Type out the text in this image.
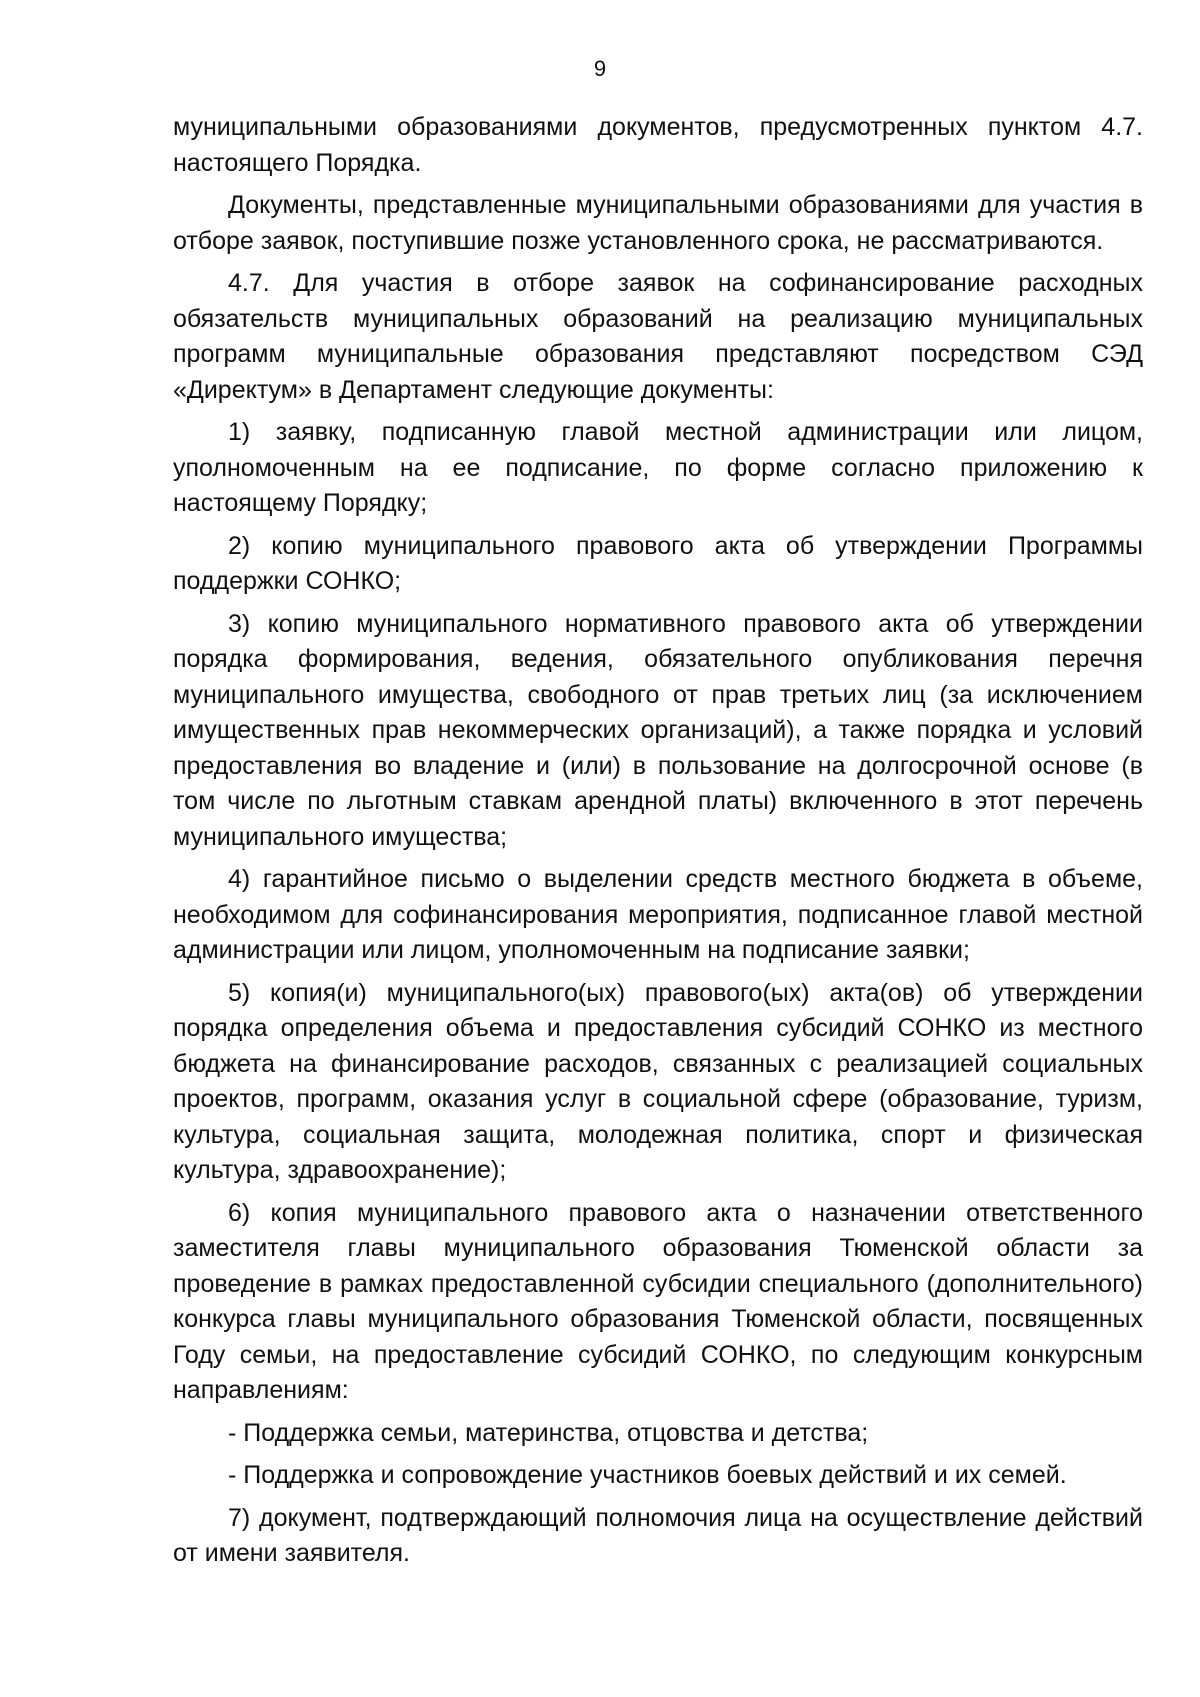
9

муниципальными образованиями документов, предусмотренных пунктом 4.7. настоящего Порядка.

Документы, представленные муниципальными образованиями для участия в отборе заявок, поступившие позже установленного срока, не рассматриваются.

4.7. Для участия в отборе заявок на софинансирование расходных обязательств муниципальных образований на реализацию муниципальных программ муниципальные образования представляют посредством СЭД «Директум» в Департамент следующие документы:

1) заявку, подписанную главой местной администрации или лицом, уполномоченным на ее подписание, по форме согласно приложению к настоящему Порядку;

2) копию муниципального правового акта об утверждении Программы поддержки СОНКО;

3) копию муниципального нормативного правового акта об утверждении порядка формирования, ведения, обязательного опубликования перечня муниципального имущества, свободного от прав третьих лиц (за исключением имущественных прав некоммерческих организаций), а также порядка и условий предоставления во владение и (или) в пользование на долгосрочной основе (в том числе по льготным ставкам арендной платы) включенного в этот перечень муниципального имущества;

4) гарантийное письмо о выделении средств местного бюджета в объеме, необходимом для софинансирования мероприятия, подписанное главой местной администрации или лицом, уполномоченным на подписание заявки;

5) копия(и) муниципального(ых) правового(ых) акта(ов) об утверждении порядка определения объема и предоставления субсидий СОНКО из местного бюджета на финансирование расходов, связанных с реализацией социальных проектов, программ, оказания услуг в социальной сфере (образование, туризм, культура, социальная защита, молодежная политика, спорт и физическая культура, здравоохранение);

6) копия муниципального правового акта о назначении ответственного заместителя главы муниципального образования Тюменской области за проведение в рамках предоставленной субсидии специального (дополнительного) конкурса главы муниципального образования Тюменской области, посвященных Году семьи, на предоставление субсидий СОНКО, по следующим конкурсным направлениям:

- Поддержка семьи, материнства, отцовства и детства;

- Поддержка и сопровождение участников боевых действий и их семей.

7) документ, подтверждающий полномочия лица на осуществление действий от имени заявителя.
